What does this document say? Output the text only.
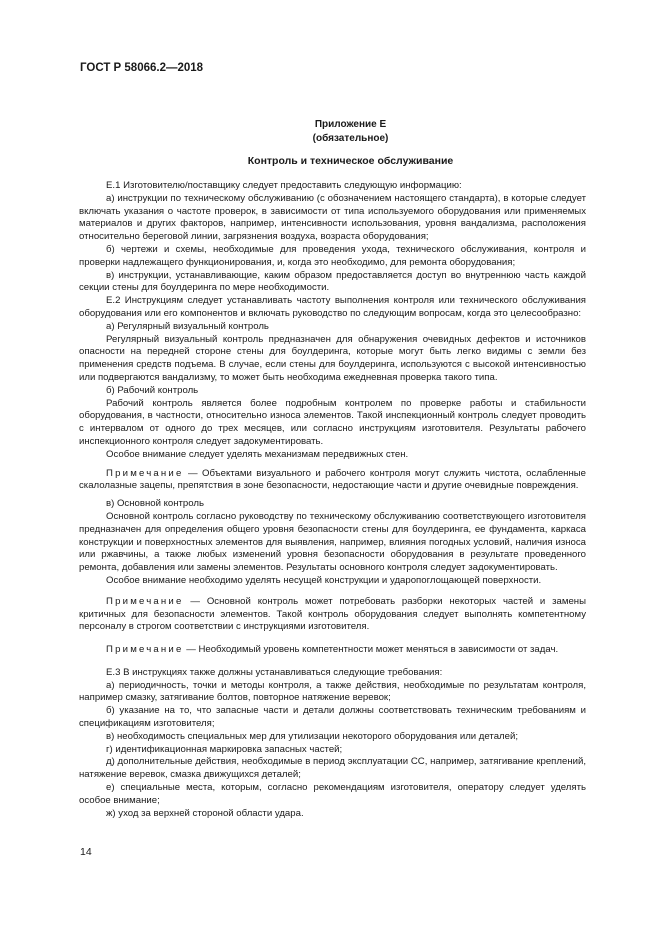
ГОСТ Р 58066.2—2018
Приложение Е
(обязательное)
Контроль и техническое обслуживание

Е.1 Изготовителю/поставщику следует предоставить следующую информацию:

а) инструкции по техническому обслуживанию (с обозначением настоящего стандарта), в которые следует включать указания о частоте проверок, в зависимости от типа используемого оборудования или применяемых материалов и других факторов, например, интенсивности использования, уровня вандализма, расположения относительно береговой линии, загрязнения воздуха, возраста оборудования;

б) чертежи и схемы, необходимые для проведения ухода, технического обслуживания, контроля и проверки надлежащего функционирования, и, когда это необходимо, для ремонта оборудования;

в) инструкции, устанавливающие, каким образом предоставляется доступ во внутреннюю часть каждой секции стены для боулдеринга по мере необходимости.

Е.2 Инструкциям следует устанавливать частоту выполнения контроля или технического обслуживания оборудования или его компонентов и включать руководство по следующим вопросам, когда это целесообразно:

а) Регулярный визуальный контроль

Регулярный визуальный контроль предназначен для обнаружения очевидных дефектов и источников опасности на передней стороне стены для боулдеринга, которые могут быть легко видимы с земли без применения средств подъема. В случае, если стены для боулдеринга, используются с высокой интенсивностью или подвергаются вандализму, то может быть необходима ежедневная проверка такого типа.

б) Рабочий контроль

Рабочий контроль является более подробным контролем по проверке работы и стабильности оборудования, в частности, относительно износа элементов. Такой инспекционный контроль следует проводить с интервалом от одного до трех месяцев, или согласно инструкциям изготовителя. Результаты рабочего инспекционного контроля следует задокументировать.

Особое внимание следует уделять механизмам передвижных стен.

Примечание — Объектами визуального и рабочего контроля могут служить чистота, ослабленные скалолазные зацепы, препятствия в зоне безопасности, недостающие части и другие очевидные повреждения.

в) Основной контроль

Основной контроль согласно руководству по техническому обслуживанию соответствующего изготовителя предназначен для определения общего уровня безопасности стены для боулдеринга, ее фундамента, каркаса конструкции и поверхностных элементов для выявления, например, влияния погодных условий, наличия износа или ржавчины, а также любых изменений уровня безопасности оборудования в результате проведенного ремонта, добавления или замены элементов. Результаты основного контроля следует задокументировать.

Особое внимание необходимо уделять несущей конструкции и ударопоглощающей поверхности.

Примечание — Основной контроль может потребовать разборки некоторых частей и замены критичных для безопасности элементов. Такой контроль оборудования следует выполнять компетентному персоналу в строгом соответствии с инструкциями изготовителя.

Примечание — Необходимый уровень компетентности может меняться в зависимости от задач.

Е.3 В инструкциях также должны устанавливаться следующие требования:

а) периодичность, точки и методы контроля, а также действия, необходимые по результатам контроля, например смазку, затягивание болтов, повторное натяжение веревок;

б) указание на то, что запасные части и детали должны соответствовать техническим требованиям и спецификациям изготовителя;

в) необходимость специальных мер для утилизации некоторого оборудования или деталей;

г) идентификационная маркировка запасных частей;

д) дополнительные действия, необходимые в период эксплуатации СС, например, затягивание креплений, натяжение веревок, смазка движущихся деталей;

е) специальные места, которым, согласно рекомендациям изготовителя, оператору следует уделять особое внимание;

ж) уход за верхней стороной области удара.

14
